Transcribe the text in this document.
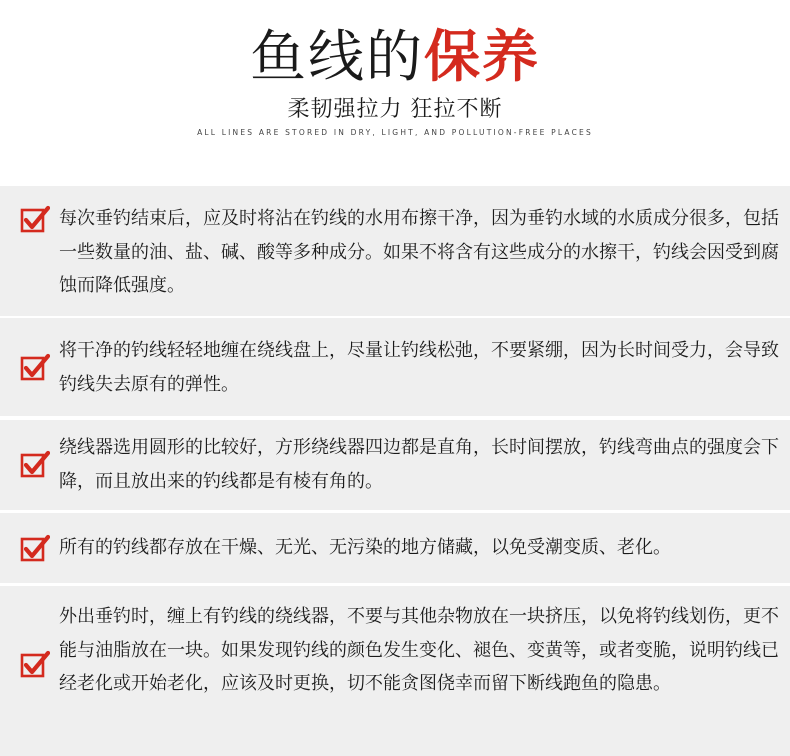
鱼线的保养
柔韧强拉力 狂拉不断
ALL LINES ARE STORED IN DRY, LIGHT, AND POLLUTION-FREE PLACES

每次垂钓结束后，应及时将沾在钓线的水用布擦干净，因为垂钓水域的水质成分很多，包括一些数量的油、盐、碱、酸等多种成分。如果不将含有这些成分的水擦干，钓线会因受到腐蚀而降低强度。

将干净的钓线轻轻地缠在绕线盘上，尽量让钓线松弛，不要紧绷，因为长时间受力，会导致钓线失去原有的弹性。

绕线器选用圆形的比较好，方形绕线器四边都是直角，长时间摆放，钓线弯曲点的强度会下降，而且放出来的钓线都是有棱有角的。

所有的钓线都存放在干燥、无光、无污染的地方储藏，以免受潮变质、老化。

外出垂钓时，缠上有钓线的绕线器，不要与其他杂物放在一块挤压，以免将钓线划伤，更不能与油脂放在一块。如果发现钓线的颜色发生变化、褪色、变黄等，或者变脆，说明钓线已经老化或开始老化，应该及时更换，切不能贪图侥幸而留下断线跑鱼的隐患。
